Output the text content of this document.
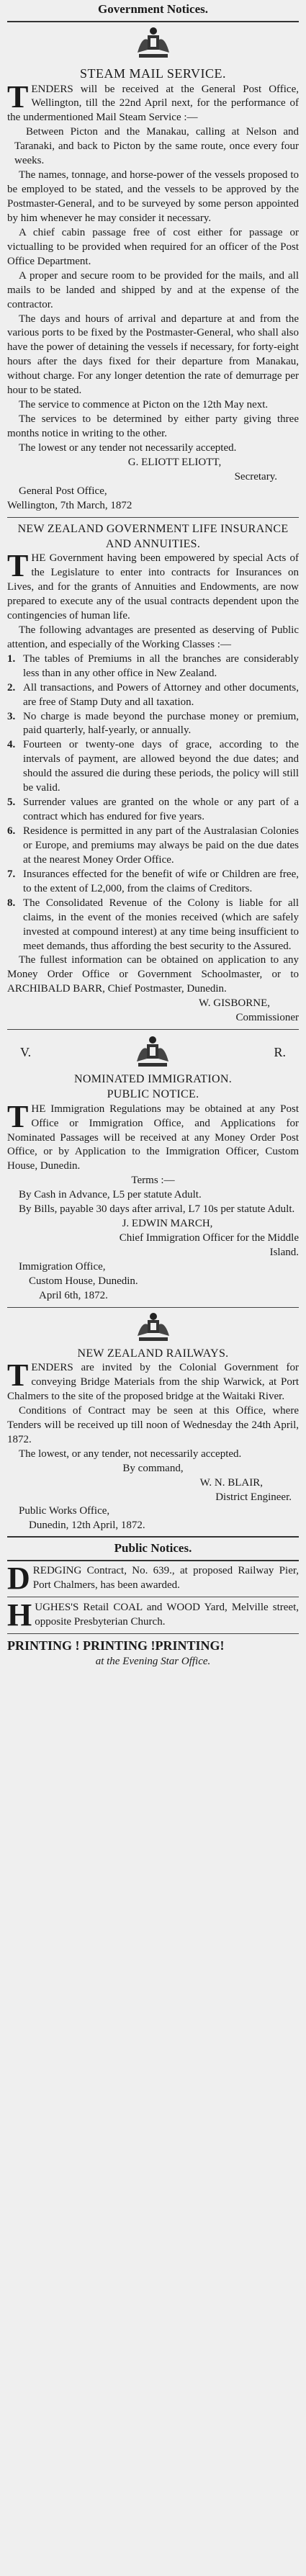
Government Notices.
STEAM MAIL SERVICE.

TENDERS will be received at the General Post Office, Wellington, till the 22nd April next, for the performance of the undermentioned Mail Steam Service :—

Between Picton and the Manakau, calling at Nelson and Taranaki, and back to Picton by the same route, once every four weeks.

The names, tonnage, and horse-power of the vessels proposed to be employed to be stated, and the vessels to be approved by the Postmaster-General, and to be surveyed by some person appointed by him whenever he may consider it necessary.

A chief cabin passage free of cost either for passage or victualling to be provided when required for an officer of the Post Office Department.

A proper and secure room to be provided for the mails, and all mails to be landed and shipped by and at the expense of the contractor.

The days and hours of arrival and departure at and from the various ports to be fixed by the Postmaster-General, who shall also have the power of detaining the vessels if necessary, for forty-eight hours after the days fixed for their departure from Manakau, without charge. For any longer detention the rate of demurrage per hour to be stated.

The service to commence at Picton on the 12th May next.

The services to be determined by either party giving three months notice in writing to the other.

The lowest or any tender not necessarily accepted.

G. ELIOTT ELIOTT,
Secretary.
General Post Office,
Wellington, 7th March, 1872
NEW ZEALAND GOVERNMENT LIFE INSURANCE AND ANNUITIES.

THE Government having been empowered by special Acts of the Legislature to enter into contracts for Insurances on Lives, and for the grants of Annuities and Endowments, are now prepared to execute any of the usual contracts dependent upon the contingencies of human life.

The following advantages are presented as deserving of Public attention, and especially of the Working Classes :—

1. The tables of Premiums in all the branches are considerably less than in any other office in New Zealand.
2. All transactions, and Powers of Attorney and other documents, are free of Stamp Duty and all taxation.
3. No charge is made beyond the purchase money or premium, paid quarterly, half-yearly, or annually.
4. Fourteen or twenty-one days of grace, according to the intervals of payment, are allowed beyond the due dates; and should the assured die during these periods, the policy will still be valid.
5. Surrender values are granted on the whole or any part of a contract which has endured for five years.
6. Residence is permitted in any part of the Australasian Colonies or Europe, and premiums may always be paid on the due dates at the nearest Money Order Office.
7. Insurances effected for the benefit of wife or Children are free, to the extent of L2,000, from the claims of Creditors.
8. The Consolidated Revenue of the Colony is liable for all claims, in the event of the monies received (which are safely invested at compound interest) at any time being insufficient to meet demands, thus affording the best security to the Assured.

The fullest information can be obtained on application to any Money Order Office or Government Schoolmaster, or to ARCHIBALD BARR, Chief Postmaster, Dunedin.

W. GISBORNE,
Commissioner
V.	R.
NOMINATED IMMIGRATION.
PUBLIC NOTICE.

THE Immigration Regulations may be obtained at any Post Office or Immigration Office, and Applications for Nominated Passages will be received at any Money Order Post Office, or by Application to the Immigration Officer, Custom House, Dunedin.

Terms :—

By Cash in Advance, L5 per statute Adult.

By Bills, payable 30 days after arrival, L7 10s per statute Adult.

J. EDWIN MARCH,
Chief Immigration Officer for the Middle Island.
Immigration Office,
Custom House, Dunedin.
April 6th, 1872.
NEW ZEALAND RAILWAYS.

TENDERS are invited by the Colonial Government for conveying Bridge Materials from the ship Warwick, at Port Chalmers to the site of the proposed bridge at the Waitaki River.

Conditions of Contract may be seen at this Office, where Tenders will be received up till noon of Wednesday the 24th April, 1872.

The lowest, or any tender, not necessarily accepted.

By command,
W. N. BLAIR,
District Engineer.
Public Works Office,
Dunedin, 12th April, 1872.
Public Notices.

DREDGING Contract, No. 639., at proposed Railway Pier, Port Chalmers, has been awarded.

HUGHES'S Retail COAL and WOOD Yard, Melville street, opposite Presbyterian Church.

PRINTING ! PRINTING !PRINTING!
at the Evening Star Office.
